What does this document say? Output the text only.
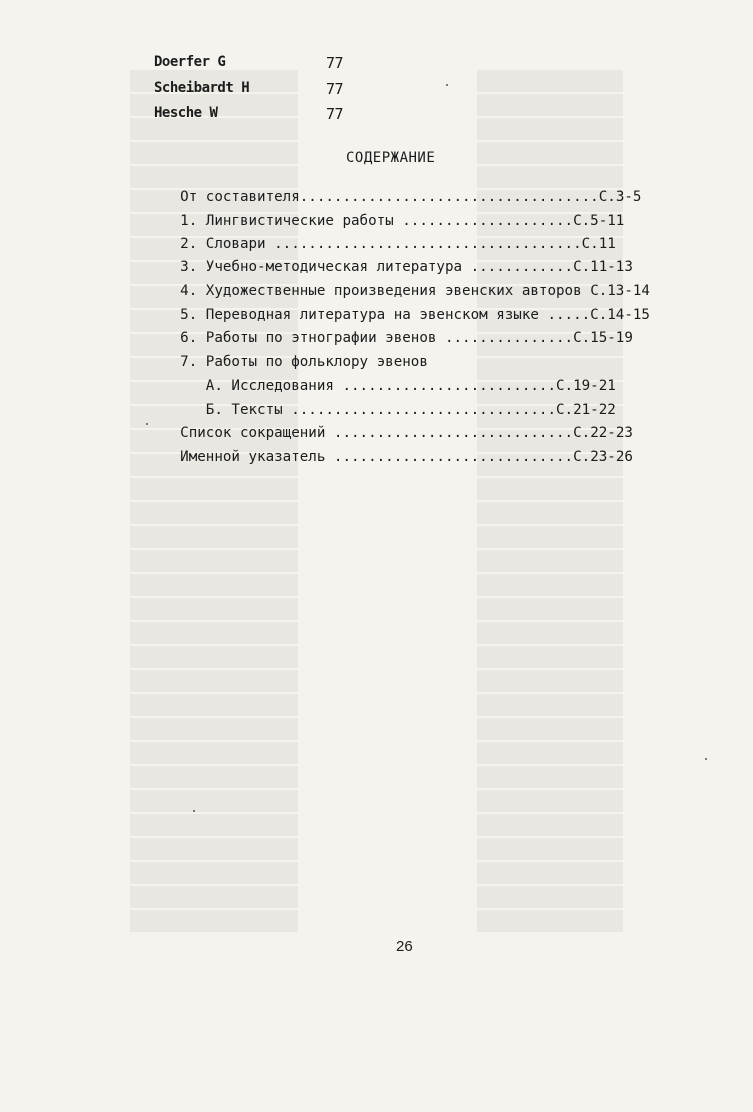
Doerfer G	77
Scheibardt H	77
Hesche W	77
СОДЕРЖАНИЕ

От составителя...................................С.3-5

1. Лингвистические работы ....................С.5-11

2. Словари ....................................С.11

3. Учебно-методическая литература ............С.11-13

4. Художественные произведения эвенских авторов С.13-14

5. Переводная литература на эвенском языке .....С.14-15

6. Работы по этнографии эвенов ...............С.15-19

7. Работы по фольклору эвенов

А. Исследования .........................С.19-21

Б. Тексты ...............................С.21-22

Список сокращений ............................С.22-23

Именной указатель ............................С.23-26

26
